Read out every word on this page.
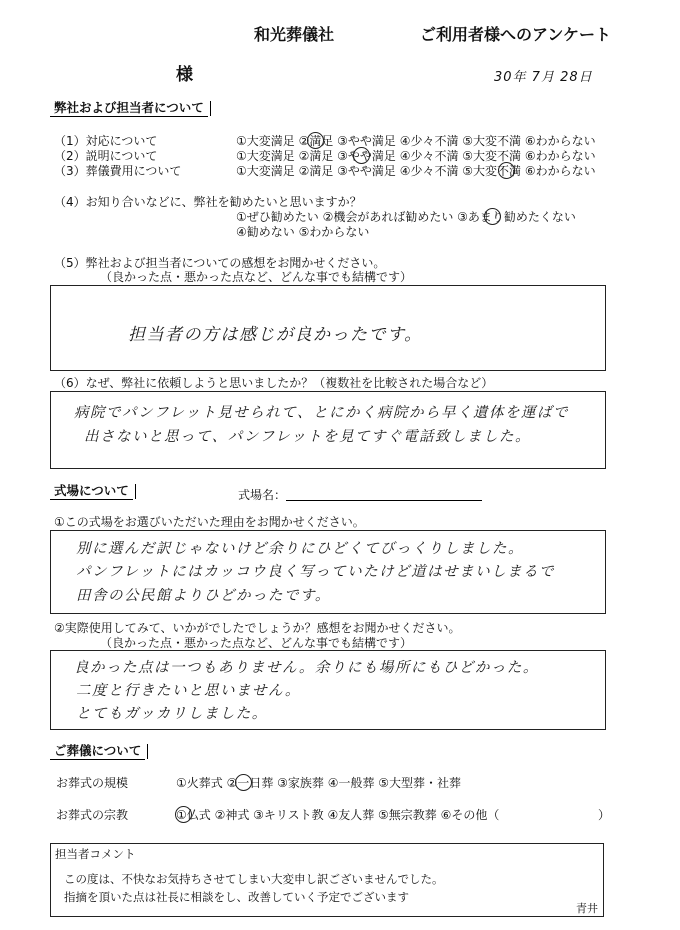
和光葬儀社	ご利用者様へのアンケート
様	30年 7月 28日
弊社および担当者について
（1）対応について	①大変満足 ②満足 ③やや満足 ④少々不満 ⑤大変不満 ⑥わからない
（2）説明について	①大変満足 ②満足 ③やや満足 ④少々不満 ⑤大変不満 ⑥わからない
（3）葬儀費用について	①大変満足 ②満足 ③やや満足 ④少々不満 ⑤大変不満 ⑥わからない
（4）お知り合いなどに、弊社を勧めたいと思いますか？
①ぜひ勧めたい ②機会があれば勧めたい ③あまり勧めたくない
④勧めない ⑤わからない
（5）弊社および担当者についての感想をお聞かせください。
（良かった点・悪かった点など、どんな事でも結構です）
担当者の方は感じが良かったです。
（6）なぜ、弊社に依頼しようと思いましたか？（複数社を比較された場合など）
病院でパンフレット見せられて、とにかく病院から早く遺体を運ばで
出さないと思って、パンフレットを見てすぐ電話致しました。
式場について	式場名：
①この式場をお選びいただいた理由をお聞かせください。
別に選んだ訳じゃないけど余りにひどくてびっくりしました。
パンフレットにはカッコウ良く写っていたけど道はせまいしまるで
田舎の公民館よりひどかったです。
②実際使用してみて、いかがでしたでしょうか？感想をお聞かせください。
（良かった点・悪かった点など、どんな事でも結構です）
良かった点は一つもありません。余りにも場所にもひどかった。
二度と行きたいと思いません。
とてもガッカリしました。
ご葬儀について
お葬式の規模	①火葬式 ②一日葬 ③家族葬 ④一般葬 ⑤大型葬・社葬
お葬式の宗教	①仏式 ②神式 ③キリスト教 ④友人葬 ⑤無宗教葬 ⑥その他（	）
担当者コメント
この度は、不快なお気持ちさせてしまい大変申し訳ございませんでした。
指摘を頂いた点は社長に相談をし、改善していく予定でございます
青井
